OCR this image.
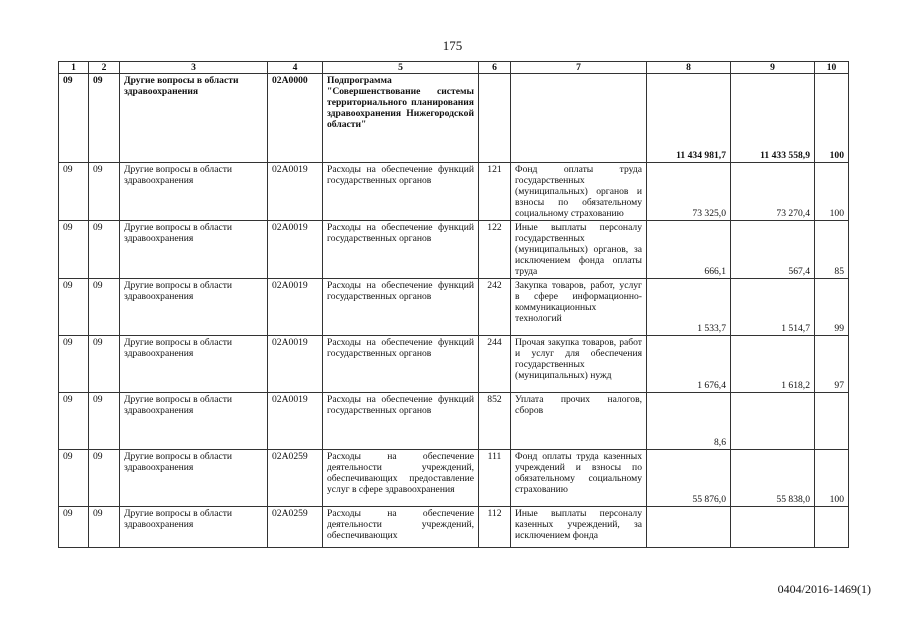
175
1	2	3	4	5	6	7	8	9	10
09	09	Другие вопросы в области здравоохранения	02А0000	Подпрограмма "Совершенствование системы территориального планирования здравоохранения Нижегородской области"			11 434 981,7	11 433 558,9	100
09	09	Другие вопросы в области здравоохранения	02А0019	Расходы на обеспечение функций государственных органов	121	Фонд оплаты труда государственных (муниципальных) органов и взносы по обязательному социальному страхованию	73 325,0	73 270,4	100
09	09	Другие вопросы в области здравоохранения	02А0019	Расходы на обеспечение функций государственных органов	122	Иные выплаты персоналу государственных (муниципальных) органов, за исключением фонда оплаты труда	666,1	567,4	85
09	09	Другие вопросы в области здравоохранения	02А0019	Расходы на обеспечение функций государственных органов	242	Закупка товаров, работ, услуг в сфере информационно-коммуникационных технологий	1 533,7	1 514,7	99
09	09	Другие вопросы в области здравоохранения	02А0019	Расходы на обеспечение функций государственных органов	244	Прочая закупка товаров, работ и услуг для обеспечения государственных (муниципальных) нужд	1 676,4	1 618,2	97
09	09	Другие вопросы в области здравоохранения	02А0019	Расходы на обеспечение функций государственных органов	852	Уплата прочих налогов, сборов	8,6		
09	09	Другие вопросы в области здравоохранения	02А0259	Расходы на обеспечение деятельности учреждений, обеспечивающих предоставление услуг в сфере здравоохранения	111	Фонд оплаты труда казенных учреждений и взносы по обязательному социальному страхованию	55 876,0	55 838,0	100
09	09	Другие вопросы в области здравоохранения	02А0259	Расходы на обеспечение деятельности учреждений, обеспечивающих	112	Иные выплаты персоналу казенных учреждений, за исключением фонда			
0404/2016-1469(1)
